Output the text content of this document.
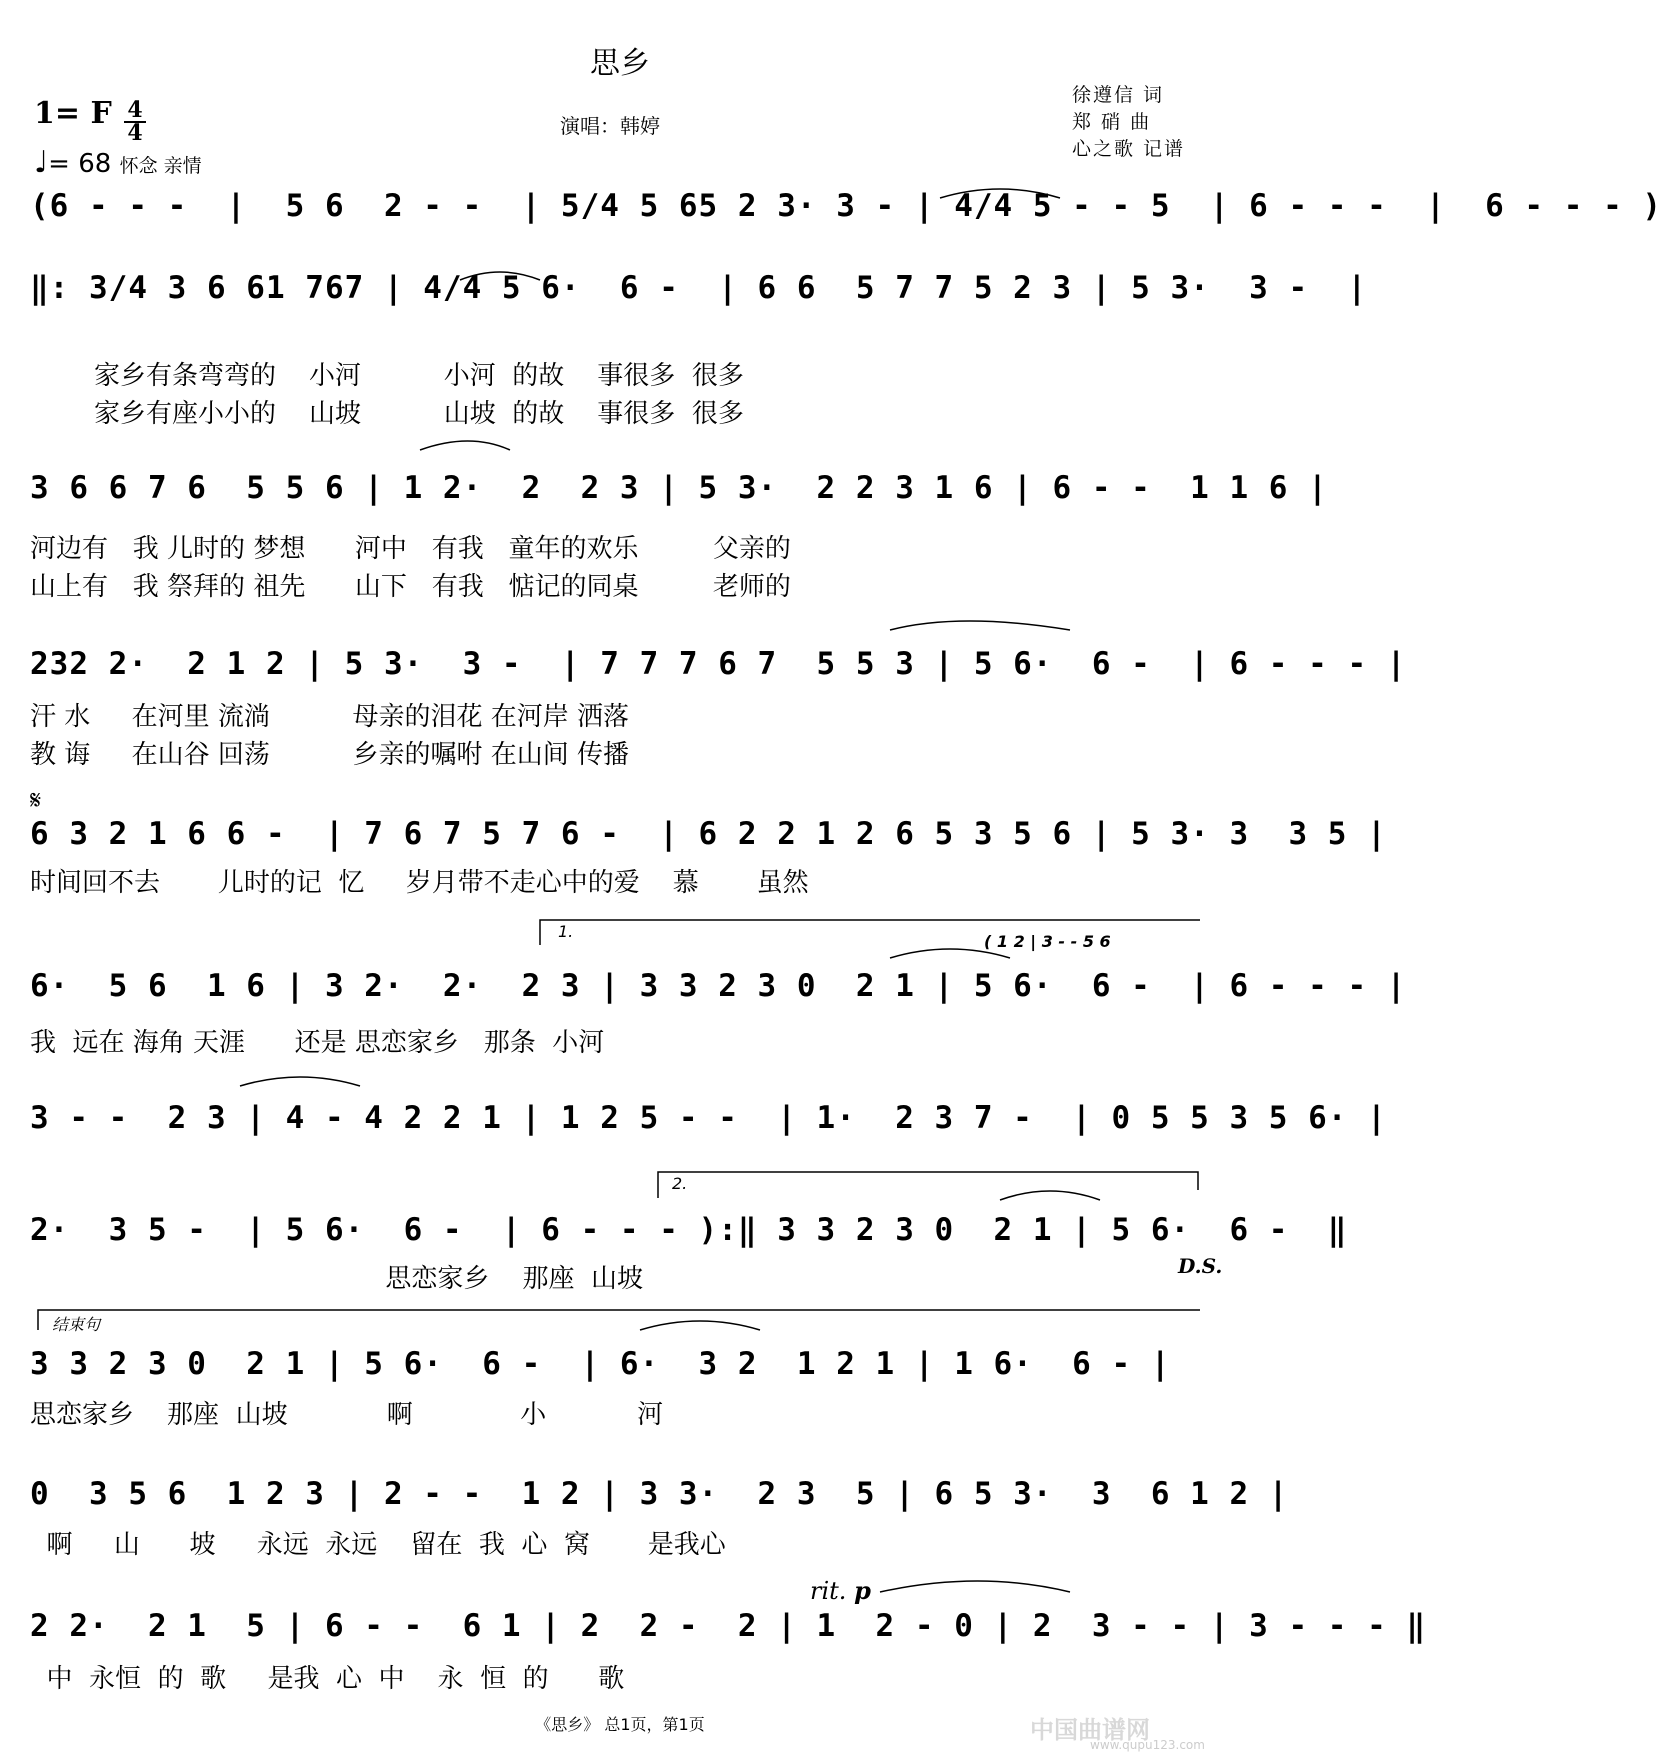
思乡
1= F $\frac{4}{4}$
♩= 68 怀念 亲情
演唱：韩婷
徐遵信 词
郑 硝 曲
心之歌 记谱
(6 - - -  |  5 6  2 - -  | 5/4 5 65 2 3· 3 - | 4/4 5 - - 5  | 6 - - -  |  6 - - - )
‖: 3/4 3 6 61 767 | 4/4 5 6·  6 -  | 6 6  5 7 7 5 2 3 | 5 3·  3 -  |
家乡有条弯弯的    小河          小河  的故    事很多  很多
家乡有座小小的    山坡          山坡  的故    事很多  很多
3 6 6 7 6  5 5 6 | 1 2·  2  2 3 | 5 3·  2 2 3 1 6 | 6 - -  1 1 6 |
河边有   我 儿时的 梦想      河中   有我   童年的欢乐         父亲的
山上有   我 祭拜的 祖先      山下   有我   惦记的同桌         老师的
232 2·  2 1 2 | 5 3·  3 -  | 7 7 7 6 7  5 5 3 | 5 6·  6 -  | 6 - - - |
汗 水     在河里 流淌          母亲的泪花 在河岸 洒落
教 诲     在山谷 回荡          乡亲的嘱咐 在山间 传播
𝄋
6 3 2 1 6 6 -  | 7 6 7 5 7 6 -  | 6 2 2 1 2 6 5 3 5 6 | 5 3· 3  3 5 |
时间回不去       儿时的记  忆     岁月带不走心中的爱    慕       虽然
1.
( 1 2 | 3 - - 5 6
6·  5 6  1 6 | 3 2·  2·  2 3 | 3 3 2 3 0  2 1 | 5 6·  6 -  | 6 - - - |
我  远在 海角 天涯      还是 思恋家乡   那条  小河
3 - -  2 3 | 4 - 4 2 2 1 | 1 2 5 - -  | 1·  2 3 7 -  | 0 5 5 3 5 6· |
2.
2·  3 5 -  | 5 6·  6 -  | 6 - - - ):‖ 3 3 2 3 0  2 1 | 5 6·  6 -  ‖
思恋家乡    那座  山坡	D.S.
结束句
3 3 2 3 0  2 1 | 5 6·  6 -  | 6·  3 2  1 2 1 | 1 6·  6 - |
思恋家乡    那座  山坡            啊             小           河
0  3 5 6  1 2 3 | 2 - -  1 2 | 3 3·  2 3  5 | 6 5 3·  3  6 1 2 |
啊     山      坡     永远  永远    留在  我  心  窝       是我心
rit. p
2 2·  2 1  5 | 6 - -  6 1 | 2  2 -  2 | 1  2 - 0 | 2  3 - - | 3 - - - ‖
中  永恒  的  歌     是我  心  中    永  恒  的      歌
《思乡》 总1页，第1页	中国曲谱网
www.qupu123.com
